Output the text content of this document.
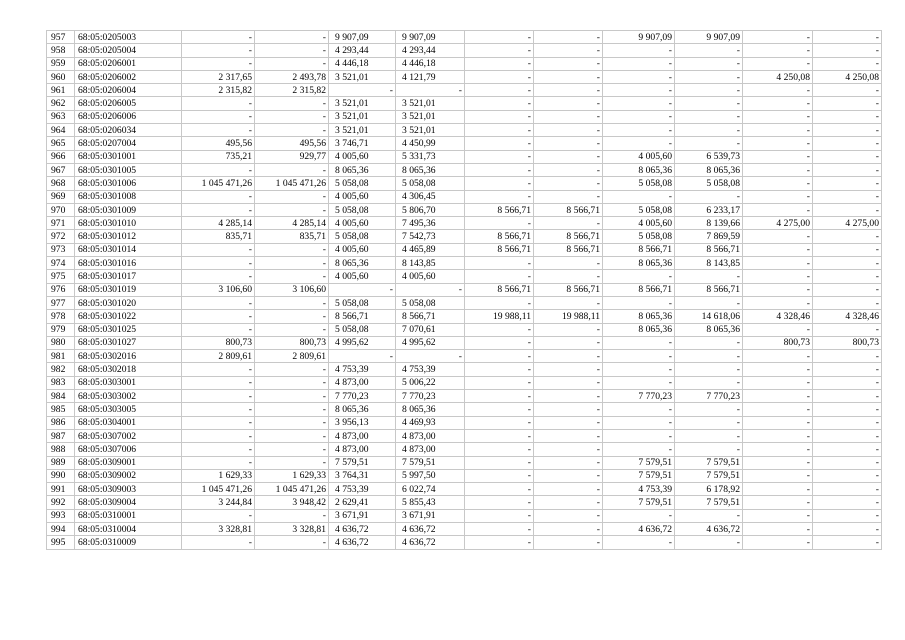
957	68:05:0205003	-	-	9 907,09	9 907,09	-	-	9 907,09	9 907,09	-	-
958	68:05:0205004	-	-	4 293,44	4 293,44	-	-	-	-	-	-
959	68:05:0206001	-	-	4 446,18	4 446,18	-	-	-	-	-	-
960	68:05:0206002	2 317,65	2 493,78	3 521,01	4 121,79	-	-	-	-	4 250,08	4 250,08
961	68:05:0206004	2 315,82	2 315,82	-	-	-	-	-	-	-	-
962	68:05:0206005	-	-	3 521,01	3 521,01	-	-	-	-	-	-
963	68:05:0206006	-	-	3 521,01	3 521,01	-	-	-	-	-	-
964	68:05:0206034	-	-	3 521,01	3 521,01	-	-	-	-	-	-
965	68:05:0207004	495,56	495,56	3 746,71	4 450,99	-	-	-	-	-	-
966	68:05:0301001	735,21	929,77	4 005,60	5 331,73	-	-	4 005,60	6 539,73	-	-
967	68:05:0301005	-	-	8 065,36	8 065,36	-	-	8 065,36	8 065,36	-	-
968	68:05:0301006	1 045 471,26	1 045 471,26	5 058,08	5 058,08	-	-	5 058,08	5 058,08	-	-
969	68:05:0301008	-	-	4 005,60	4 306,45	-	-	-	-	-	-
970	68:05:0301009	-	-	5 058,08	5 806,70	8 566,71	8 566,71	5 058,08	6 233,17	-	-
971	68:05:0301010	4 285,14	4 285,14	4 005,60	7 495,36	-	-	4 005,60	8 139,66	4 275,00	4 275,00
972	68:05:0301012	835,71	835,71	5 058,08	7 542,73	8 566,71	8 566,71	5 058,08	7 869,59	-	-
973	68:05:0301014	-	-	4 005,60	4 465,89	8 566,71	8 566,71	8 566,71	8 566,71	-	-
974	68:05:0301016	-	-	8 065,36	8 143,85	-	-	8 065,36	8 143,85	-	-
975	68:05:0301017	-	-	4 005,60	4 005,60	-	-	-	-	-	-
976	68:05:0301019	3 106,60	3 106,60	-	-	8 566,71	8 566,71	8 566,71	8 566,71	-	-
977	68:05:0301020	-	-	5 058,08	5 058,08	-	-	-	-	-	-
978	68:05:0301022	-	-	8 566,71	8 566,71	19 988,11	19 988,11	8 065,36	14 618,06	4 328,46	4 328,46
979	68:05:0301025	-	-	5 058,08	7 070,61	-	-	8 065,36	8 065,36	-	-
980	68:05:0301027	800,73	800,73	4 995,62	4 995,62	-	-	-	-	800,73	800,73
981	68:05:0302016	2 809,61	2 809,61	-	-	-	-	-	-	-	-
982	68:05:0302018	-	-	4 753,39	4 753,39	-	-	-	-	-	-
983	68:05:0303001	-	-	4 873,00	5 006,22	-	-	-	-	-	-
984	68:05:0303002	-	-	7 770,23	7 770,23	-	-	7 770,23	7 770,23	-	-
985	68:05:0303005	-	-	8 065,36	8 065,36	-	-	-	-	-	-
986	68:05:0304001	-	-	3 956,13	4 469,93	-	-	-	-	-	-
987	68:05:0307002	-	-	4 873,00	4 873,00	-	-	-	-	-	-
988	68:05:0307006	-	-	4 873,00	4 873,00	-	-	-	-	-	-
989	68:05:0309001	-	-	7 579,51	7 579,51	-	-	7 579,51	7 579,51	-	-
990	68:05:0309002	1 629,33	1 629,33	3 764,31	5 997,50	-	-	7 579,51	7 579,51	-	-
991	68:05:0309003	1 045 471,26	1 045 471,26	4 753,39	6 022,74	-	-	4 753,39	6 178,92	-	-
992	68:05:0309004	3 244,84	3 948,42	2 629,41	5 855,43	-	-	7 579,51	7 579,51	-	-
993	68:05:0310001	-	-	3 671,91	3 671,91	-	-	-	-	-	-
994	68:05:0310004	3 328,81	3 328,81	4 636,72	4 636,72	-	-	4 636,72	4 636,72	-	-
995	68:05:0310009	-	-	4 636,72	4 636,72	-	-	-	-	-	-
